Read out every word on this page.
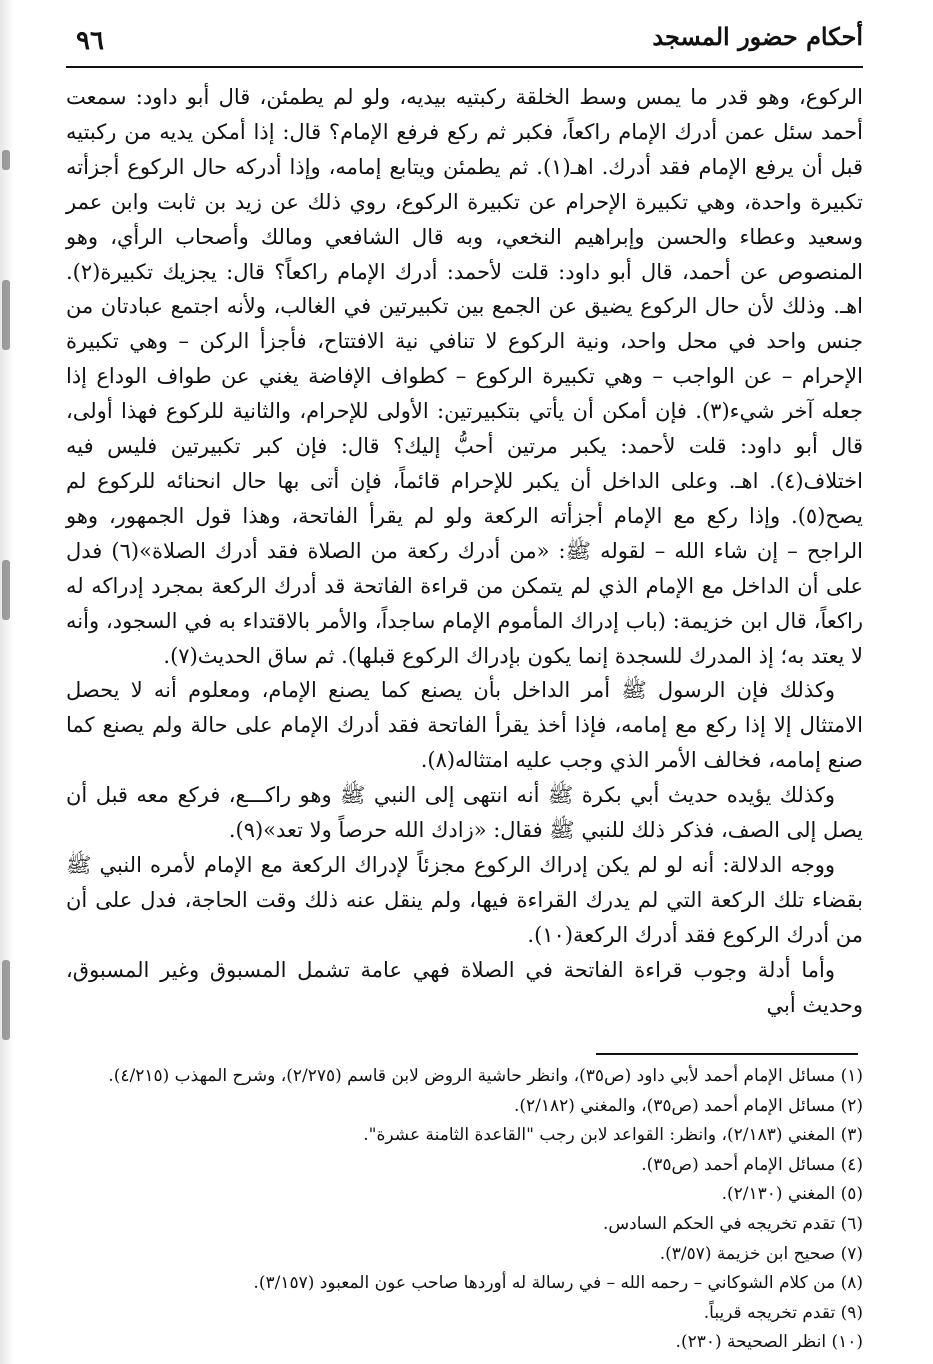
أحكام حضور المسجد
٩٦

الركوع، وهو قدر ما يمس وسط الخلقة ركبتيه بيديه، ولو لم يطمئن، قال أبو داود: سمعت أحمد سئل عمن أدرك الإمام راكعاً، فكبر ثم ركع فرفع الإمام؟ قال: إذا أمكن يديه من ركبتيه قبل أن يرفع الإمام فقد أدرك. اهـ(١). ثم يطمئن ويتابع إمامه، وإذا أدركه حال الركوع أجزأته تكبيرة واحدة، وهي تكبيرة الإحرام عن تكبيرة الركوع، روي ذلك عن زيد بن ثابت وابن عمر وسعيد وعطاء والحسن وإبراهيم النخعي، وبه قال الشافعي ومالك وأصحاب الرأي، وهو المنصوص عن أحمد، قال أبو داود: قلت لأحمد: أدرك الإمام راكعاً؟ قال: يجزيك تكبيرة(٢). اهـ. وذلك لأن حال الركوع يضيق عن الجمع بين تكبيرتين في الغالب، ولأنه اجتمع عبادتان من جنس واحد في محل واحد، ونية الركوع لا تنافي نية الافتتاح، فأجزأ الركن – وهي تكبيرة الإحرام – عن الواجب – وهي تكبيرة الركوع – كطواف الإفاضة يغني عن طواف الوداع إذا جعله آخر شيء(٣). فإن أمكن أن يأتي بتكبيرتين: الأولى للإحرام، والثانية للركوع فهذا أولى، قال أبو داود: قلت لأحمد: يكبر مرتين أحبُّ إليك؟ قال: فإن كبر تكبيرتين فليس فيه اختلاف(٤). اهـ. وعلى الداخل أن يكبر للإحرام قائماً، فإن أتى بها حال انحنائه للركوع لم يصح(٥). وإذا ركع مع الإمام أجزأته الركعة ولو لم يقرأ الفاتحة، وهذا قول الجمهور، وهو الراجح – إن شاء الله – لقوله ﷺ: «من أدرك ركعة من الصلاة فقد أدرك الصلاة»(٦) فدل على أن الداخل مع الإمام الذي لم يتمكن من قراءة الفاتحة قد أدرك الركعة بمجرد إدراكه له راكعاً، قال ابن خزيمة: (باب إدراك المأموم الإمام ساجداً، والأمر بالاقتداء به في السجود، وأنه لا يعتد به؛ إذ المدرك للسجدة إنما يكون بإدراك الركوع قبلها). ثم ساق الحديث(٧).

وكذلك فإن الرسول ﷺ أمر الداخل بأن يصنع كما يصنع الإمام، ومعلوم أنه لا يحصل الامتثال إلا إذا ركع مع إمامه، فإذا أخذ يقرأ الفاتحة فقد أدرك الإمام على حالة ولم يصنع كما صنع إمامه، فخالف الأمر الذي وجب عليه امتثاله(٨).

وكذلك يؤيده حديث أبي بكرة ﷺ أنه انتهى إلى النبي ﷺ وهو راكـــع، فركع معه قبل أن يصل إلى الصف، فذكر ذلك للنبي ﷺ فقال: «زادك الله حرصاً ولا تعد»(٩).

ووجه الدلالة: أنه لو لم يكن إدراك الركوع مجزئاً لإدراك الركعة مع الإمام لأمره النبي ﷺ بقضاء تلك الركعة التي لم يدرك القراءة فيها، ولم ينقل عنه ذلك وقت الحاجة، فدل على أن من أدرك الركوع فقد أدرك الركعة(١٠).

وأما أدلة وجوب قراءة الفاتحة في الصلاة فهي عامة تشمل المسبوق وغير المسبوق، وحديث أبي

(١) مسائل الإمام أحمد لأبي داود (ص٣٥)، وانظر حاشية الروض لابن قاسم (٢/٢٧٥)، وشرح المهذب (٤/٢١٥).
(٢) مسائل الإمام أحمد (ص٣٥)، والمغني (٢/١٨٢).
(٣) المغني (٢/١٨٣)، وانظر: القواعد لابن رجب "القاعدة الثامنة عشرة".
(٤) مسائل الإمام أحمد (ص٣٥).
(٥) المغني (٢/١٣٠).
(٦) تقدم تخريجه في الحكم السادس.
(٧) صحيح ابن خزيمة (٣/٥٧).
(٨) من كلام الشوكاني – رحمه الله – في رسالة له أوردها صاحب عون المعبود (٣/١٥٧).
(٩) تقدم تخريجه قريباً.
(١٠) انظر الصحيحة (٢٣٠).
